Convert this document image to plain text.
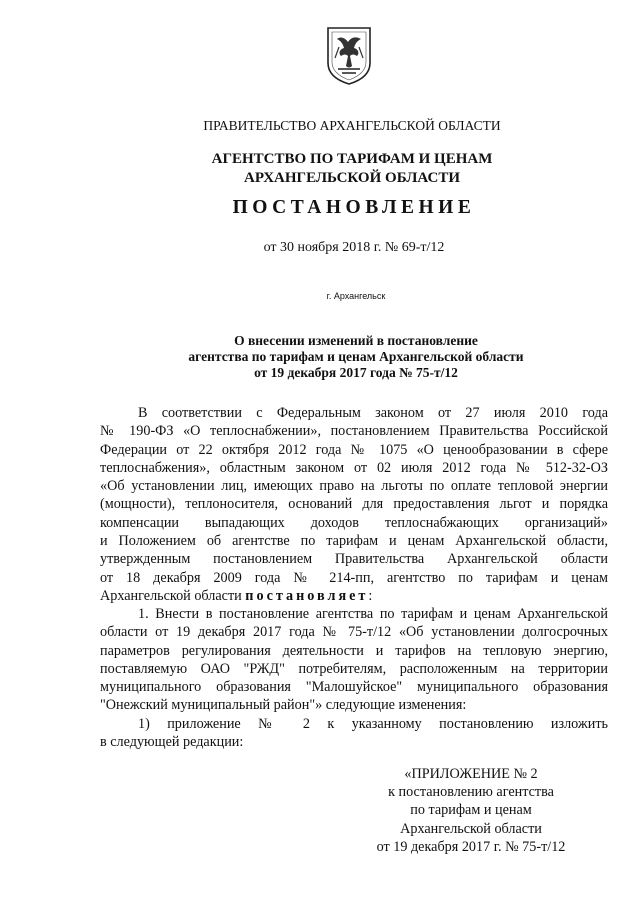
ПРАВИТЕЛЬСТВО АРХАНГЕЛЬСКОЙ ОБЛАСТИ
АГЕНТСТВО ПО ТАРИФАМ И ЦЕНАМ
АРХАНГЕЛЬСКОЙ ОБЛАСТИ
ПОСТАНОВЛЕНИЕ
от 30 ноября 2018 г. № 69-т/12
г. Архангельск
О внесении изменений в постановление
агентства по тарифам и ценам Архангельской области
от 19 декабря 2017 года № 75-т/12
В соответствии с Федеральным законом от 27 июля 2010 года
№ 190-ФЗ «О теплоснабжении», постановлением Правительства Российской
Федерации от 22 октября 2012 года № 1075 «О ценообразовании в сфере
теплоснабжения», областным законом от 02 июля 2012 года № 512-32-ОЗ
«Об установлении лиц, имеющих право на льготы по оплате тепловой энергии
(мощности), теплоносителя, оснований для предоставления льгот и порядка
компенсации выпадающих доходов теплоснабжающих организаций»
и Положением об агентстве по тарифам и ценам Архангельской области,
утвержденным постановлением Правительства Архангельской области
от 18 декабря 2009 года № 214-пп, агентство по тарифам и ценам
Архангельской области постановляет:
1. Внести в постановление агентства по тарифам и ценам Архангельской
области от 19 декабря 2017 года № 75-т/12 «Об установлении долгосрочных
параметров регулирования деятельности и тарифов на тепловую энергию,
поставляемую ОАО "РЖД" потребителям, расположенным на территории
муниципального образования "Малошуйское" муниципального образования
"Онежский муниципальный район"» следующие изменения:
1) приложение № 2 к указанному постановлению изложить
в следующей редакции:
«ПРИЛОЖЕНИЕ № 2
к постановлению агентства
по тарифам и ценам
Архангельской области
от 19 декабря 2017 г. № 75-т/12
